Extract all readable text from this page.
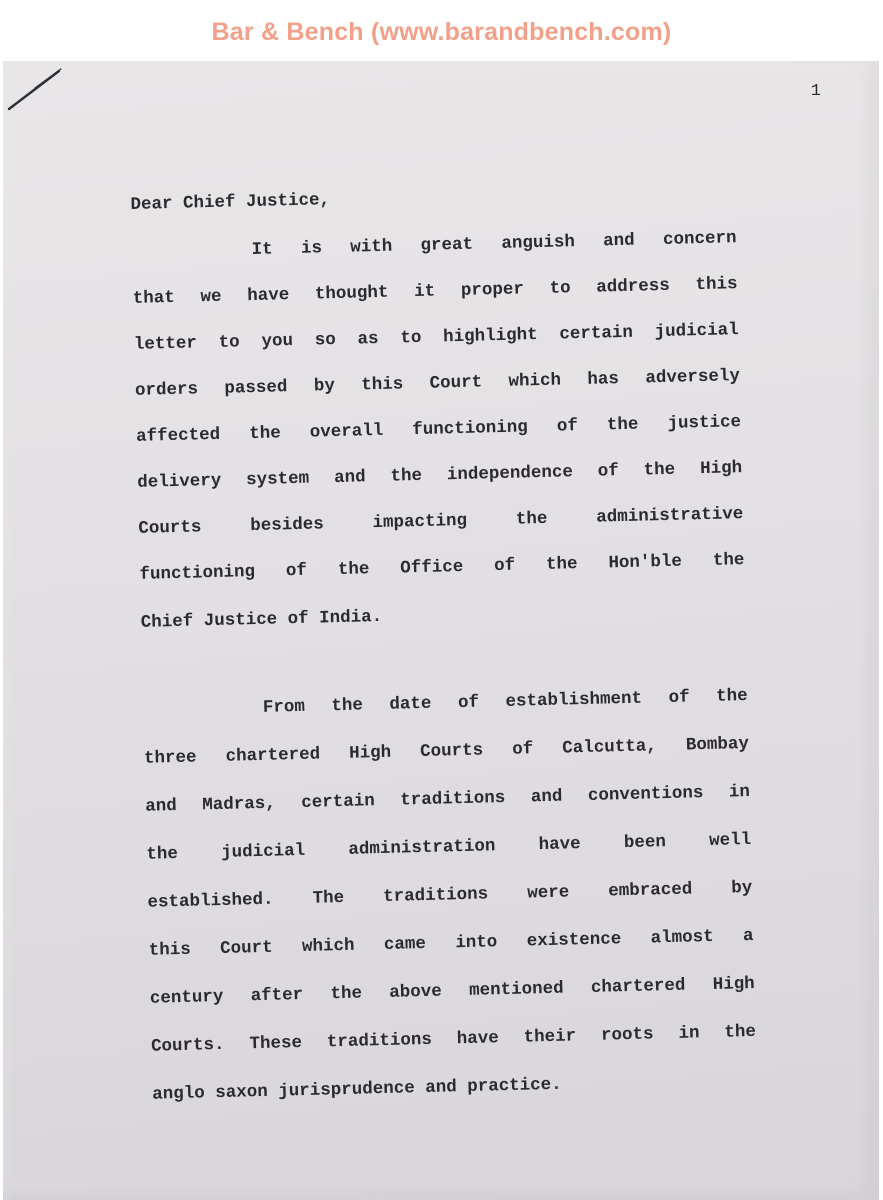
Bar & Bench (www.barandbench.com)
1
Dear Chief Justice,
It is with great anguish and concern
that we have thought it proper to address this
letter to you so as to highlight certain judicial
orders passed by this Court which has adversely
affected the overall functioning of the justice
delivery system and the independence of the High
Courts	besides	impacting	the	administrative
functioning of the Office of the Hon'ble the
Chief Justice of India.
From the date of establishment of the
three chartered High Courts of Calcutta, Bombay
and Madras, certain traditions and conventions in
the judicial administration have been well
established. The traditions were embraced by
this Court which came into existence almost a
century after the above mentioned chartered High
Courts. These traditions have their roots in the
anglo saxon jurisprudence and practice.
